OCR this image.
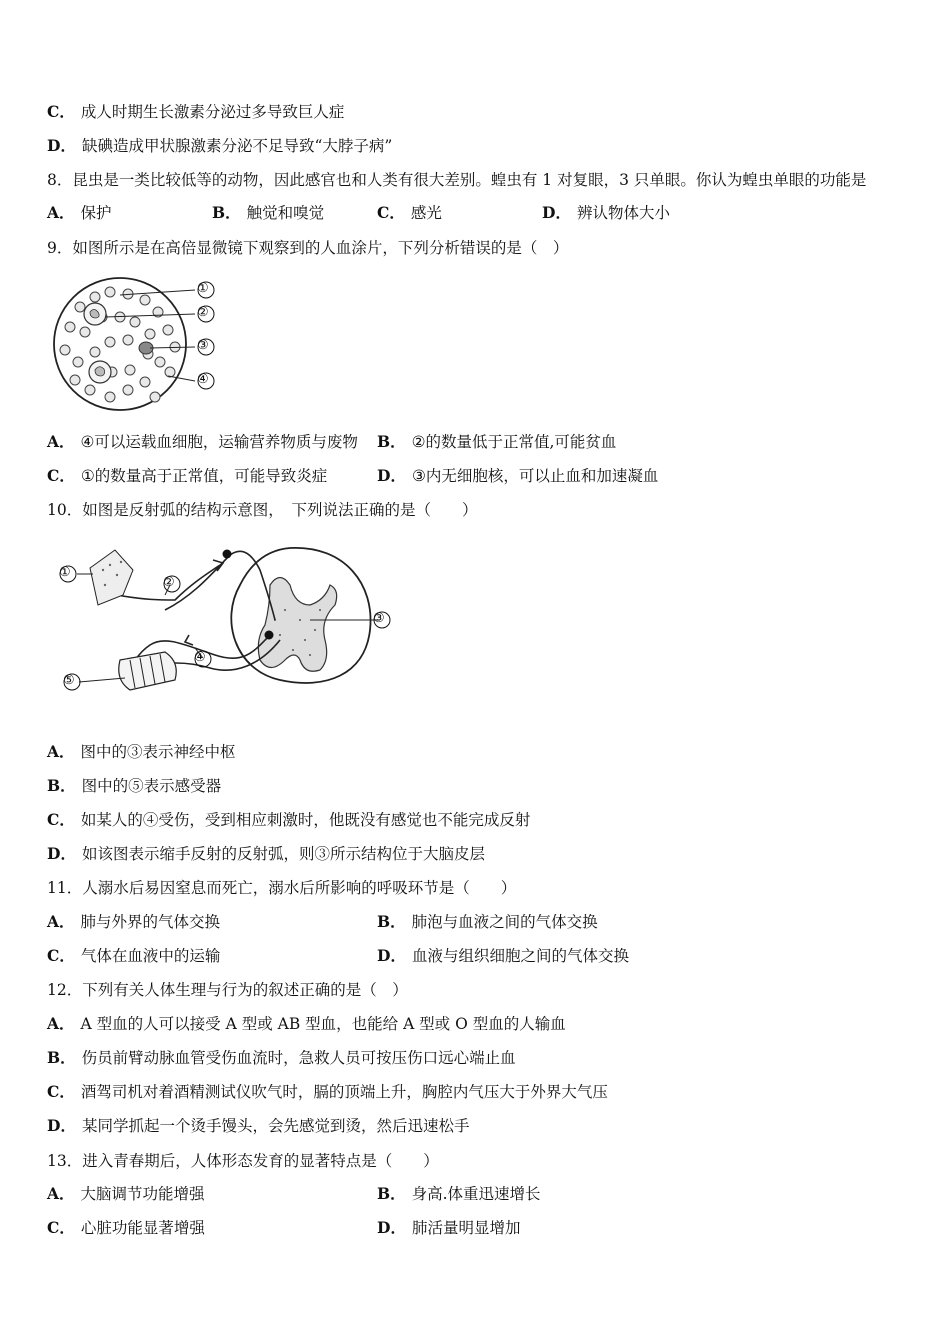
C． 成人时期生长激素分泌过多导致巨人症
D． 缺碘造成甲状腺激素分泌不足导致“大脖子病”
8．昆虫是一类比较低等的动物，因此感官也和人类有很大差别。蝗虫有 1 对复眼，3 只单眼。你认为蝗虫单眼的功能是
A． 保护	B． 触觉和嗅觉	C． 感光	D． 辨认物体大小
9．如图所示是在高倍显微镜下观察到的人血涂片，下列分析错误的是（　）
①
②
③
④
A． ④可以运载血细胞，运输营养物质与废物 B． ②的数量低于正常值,可能贫血
C． ①的数量高于正常值，可能导致炎症	D． ③内无细胞核，可以止血和加速凝血
10．如图是反射弧的结构示意图，　下列说法正确的是（　　）
①
②
③
④
⑤
A． 图中的③表示神经中枢
B． 图中的⑤表示感受器
C． 如某人的④受伤，受到相应刺激时，他既没有感觉也不能完成反射
D． 如该图表示缩手反射的反射弧，则③所示结构位于大脑皮层
11．人溺水后易因窒息而死亡，溺水后所影响的呼吸环节是（　　）
A． 肺与外界的气体交换	B． 肺泡与血液之间的气体交换
C． 气体在血液中的运输	D． 血液与组织细胞之间的气体交换
12．下列有关人体生理与行为的叙述正确的是（　）
A． A 型血的人可以接受 A 型或 AB 型血，也能给 A 型或 O 型血的人输血
B． 伤员前臂动脉血管受伤血流时，急救人员可按压伤口远心端止血
C． 酒驾司机对着酒精测试仪吹气时，膈的顶端上升，胸腔内气压大于外界大气压
D． 某同学抓起一个烫手馒头，会先感觉到烫，然后迅速松手
13．进入青春期后，人体形态发育的显著特点是（　　）
A． 大脑调节功能增强	B． 身高.体重迅速增长
C． 心脏功能显著增强	D． 肺活量明显增加
